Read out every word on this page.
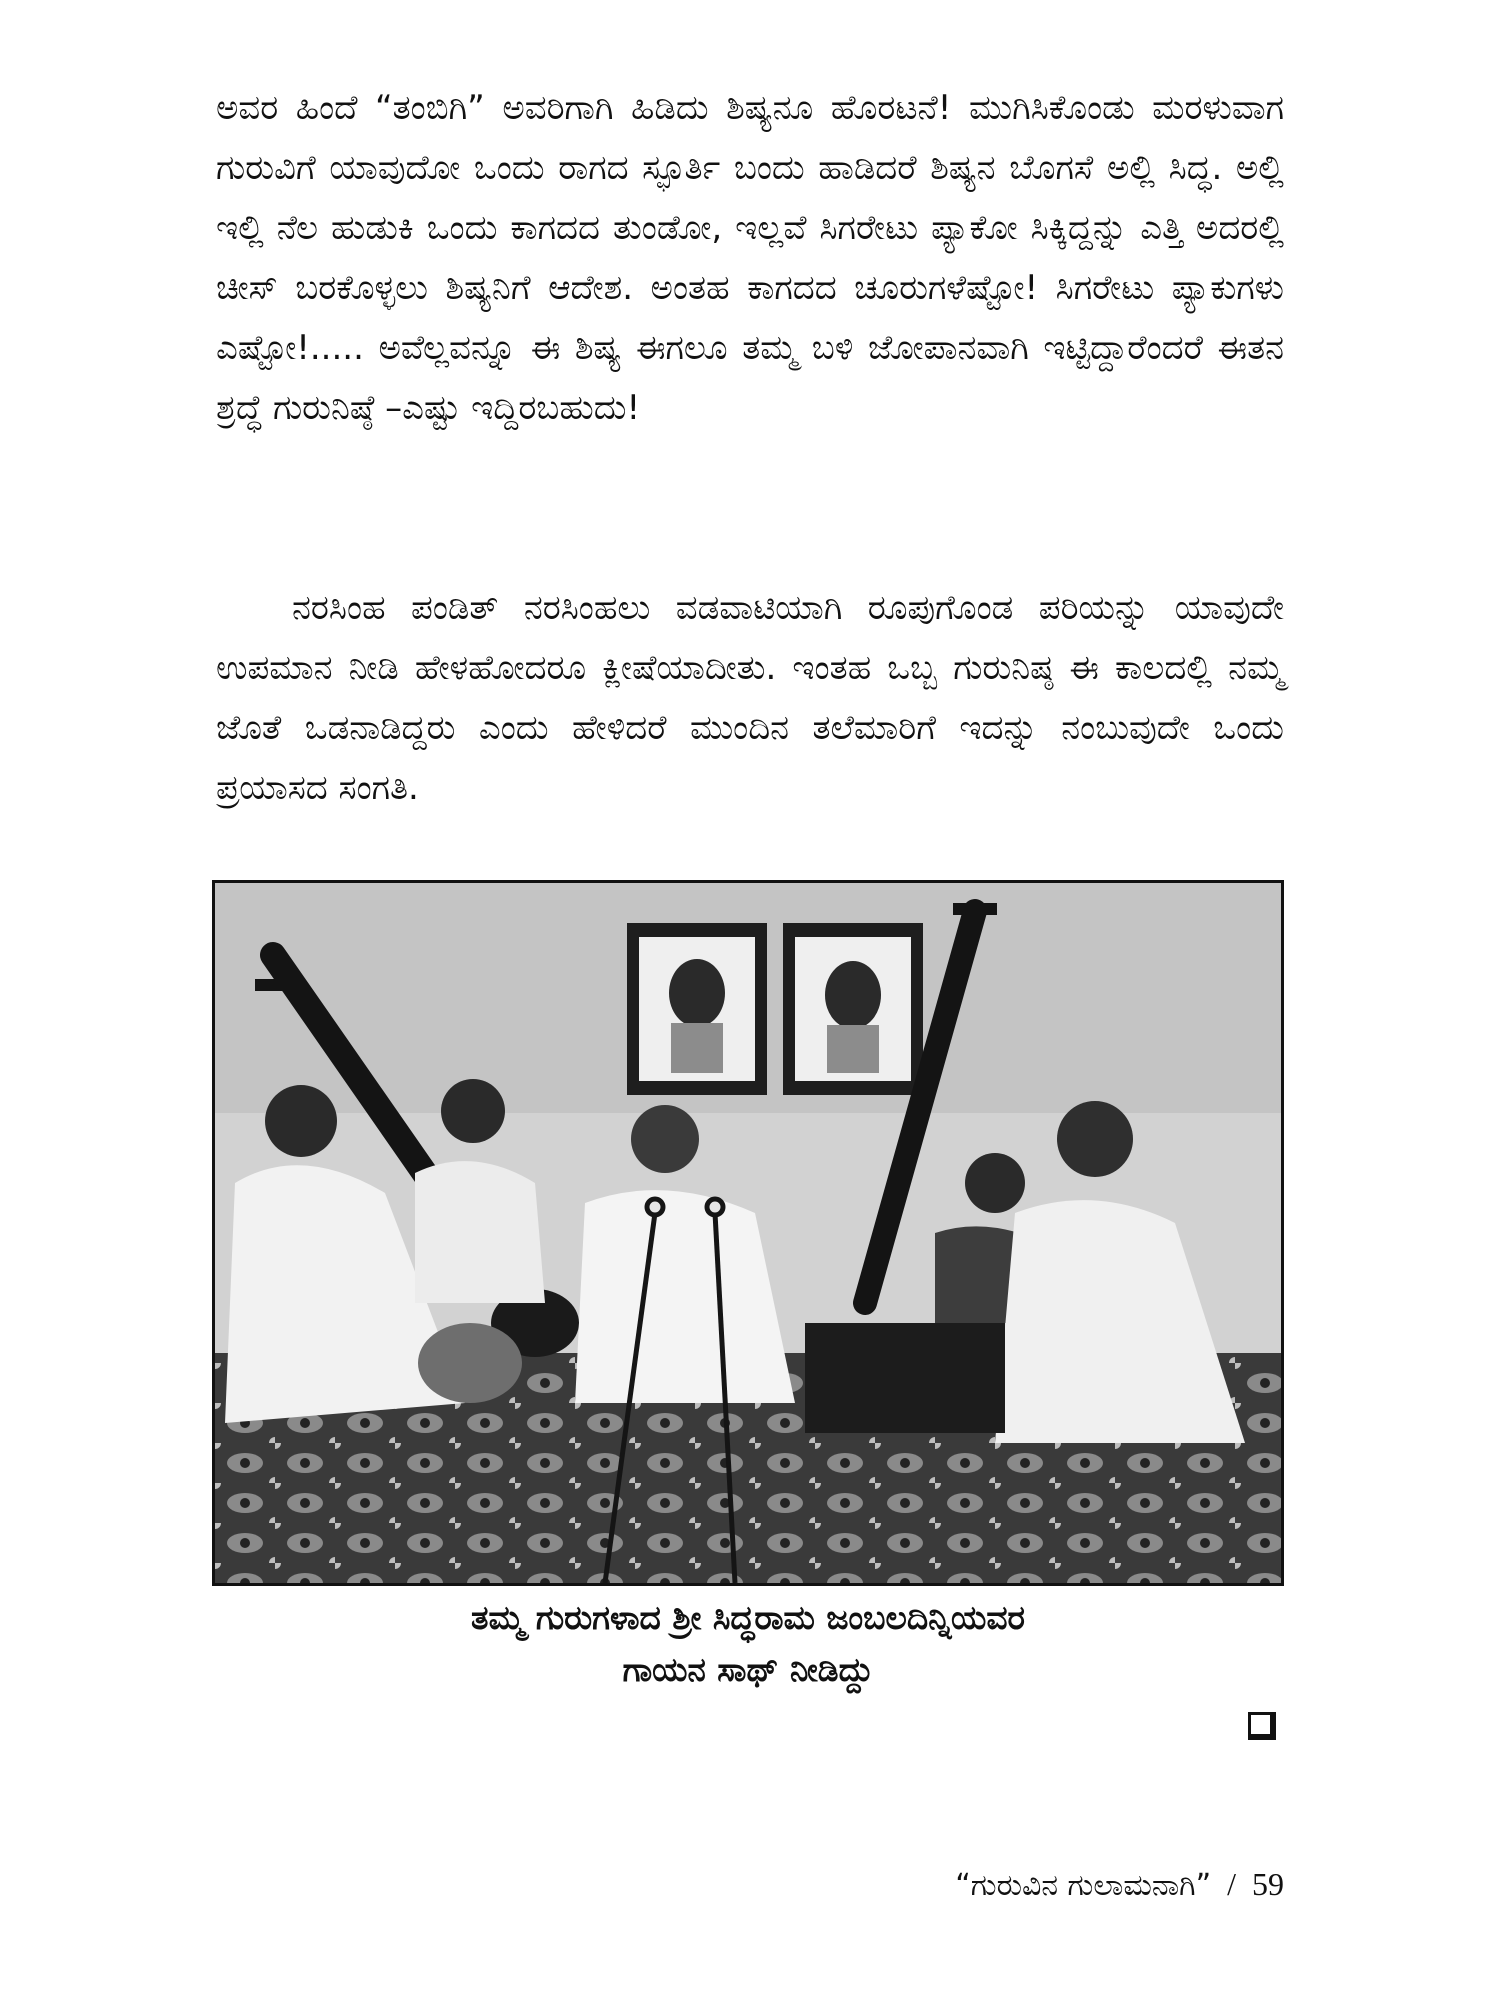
ಅವರ ಹಿಂದೆ “ತಂಬಿಗಿ” ಅವರಿಗಾಗಿ ಹಿಡಿದು ಶಿಷ್ಯನೂ ಹೊರಟನೆ! ಮುಗಿಸಿಕೊಂಡು ಮರಳುವಾಗ ಗುರುವಿಗೆ ಯಾವುದೋ ಒಂದು ರಾಗದ ಸ್ಫೂರ್ತಿ ಬಂದು ಹಾಡಿದರೆ ಶಿಷ್ಯನ ಬೊಗಸೆ ಅಲ್ಲಿ ಸಿದ್ಧ. ಅಲ್ಲಿ ಇಲ್ಲಿ ನೆಲ ಹುಡುಕಿ ಒಂದು ಕಾಗದದ ತುಂಡೋ, ಇಲ್ಲವೆ ಸಿಗರೇಟು ಪ್ಯಾಕೋ ಸಿಕ್ಕಿದ್ದನ್ನು ಎತ್ತಿ ಅದರಲ್ಲಿ ಚೀಸ್ ಬರಕೊಳ್ಳಲು ಶಿಷ್ಯನಿಗೆ ಆದೇಶ. ಅಂತಹ ಕಾಗದದ ಚೂರುಗಳೆಷ್ಟೋ! ಸಿಗರೇಟು ಪ್ಯಾಕುಗಳು ಎಷ್ಟೋ!..... ಅವೆಲ್ಲವನ್ನೂ ಈ ಶಿಷ್ಯ ಈಗಲೂ ತಮ್ಮ ಬಳಿ ಜೋಪಾನವಾಗಿ ಇಟ್ಟಿದ್ದಾರೆಂದರೆ ಈತನ ಶ್ರದ್ಧೆ ಗುರುನಿಷ್ಠೆ –ಎಷ್ಟು ಇದ್ದಿರಬಹುದು!

ನರಸಿಂಹ ಪಂಡಿತ್ ನರಸಿಂಹಲು ವಡವಾಟಿಯಾಗಿ ರೂಪುಗೊಂಡ ಪರಿಯನ್ನು ಯಾವುದೇ ಉಪಮಾನ ನೀಡಿ ಹೇಳಹೋದರೂ ಕ್ಲೀಷೆಯಾದೀತು. ಇಂತಹ ಒಬ್ಬ ಗುರುನಿಷ್ಠ ಈ ಕಾಲದಲ್ಲಿ ನಮ್ಮ ಜೊತೆ ಒಡನಾಡಿದ್ದರು ಎಂದು ಹೇಳಿದರೆ ಮುಂದಿನ ತಲೆಮಾರಿಗೆ ಇದನ್ನು ನಂಬುವುದೇ ಒಂದು ಪ್ರಯಾಸದ ಸಂಗತಿ.

ತಮ್ಮ ಗುರುಗಳಾದ ಶ್ರೀ ಸಿದ್ಧರಾಮ ಜಂಬಲದಿನ್ನಿಯವರ

ಗಾಯನ ಸಾಥ್ ನೀಡಿದ್ದು

“ಗುರುವಿನ ಗುಲಾಮನಾಗಿ” / 59
